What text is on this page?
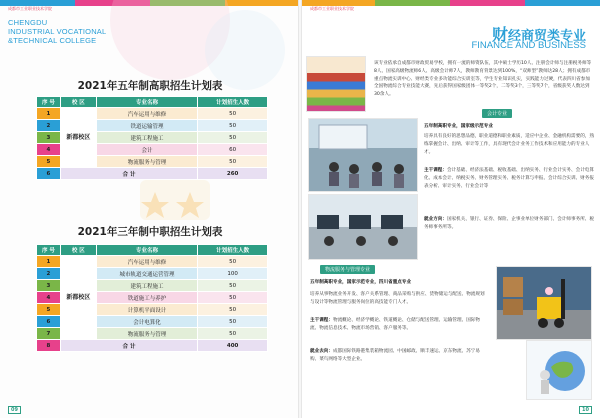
成都市工业职业技术学院
CHENGDU
INDUSTRIAL VOCATIONAL
&TECHNICAL COLLEGE
2021年五年制高职招生计划表
序 号	校 区	专业名称	计划招生人数
1	新都校区	汽车运用与维修	50
2		铁道运输管理	50
3		建筑工程施工	50
4		会计	60
5		物流服务与管理	50
6	合 计		260
2021年三年制中职招生计划表
序 号	校 区	专业名称	计划招生人数
1	新都校区	汽车运用与维修	50
2		城市轨道交通运营管理	100
3		建筑工程施工	50
4		铁道施工与养护	50
5		计算机平面设计	50
6		会计电算化	50
7		物流服务与管理	50
8	合 计		400
09
成都市工业职业技术学院
财经商贸类专业
FINANCE AND BUSINESS
该专业依承自成都市财政贸易学校，拥有一流的师资队伍，其中硕士学历10人、注册会计师与注册税务师等8人、国家高级物流师6人、高级会计师7人，教师教育背景达到100%，“双师型”教师达28人；拥有成都市重点物流实训中心、财经类专业多功能综合实训室等，学生专业知识扎实，实践能力过硬，代表四川省参加全国物流综合专业技能大赛，先后获得国家级团体一等奖2个，二等奖3个，三等奖7个，省级获奖人数达到30余人。
会计专业
五年制高职专业，国家级示范专业
培养具有良好的思想品德，职业道德和职业素质，适应中企业、金融机构需要的，熟练掌握会计、出纳、审计等工作，具有现代会计业务工作技术和应用能力的专业人才。
主干课程：会计基础、经济法基础、税收基础、出纳实务、行业会计实务、会计电算化、成本会计、纳税实务、财务管理实务、税务计算与申报、会计综合实训、财务报表分析、审计实务、行业会计等
就业方向：国家机关、银行、证券、保险、企事业单位财务部门、会计师事务所、税务师事务所等。
物流服务与管理专业
五年制高职专业，国家示范专业，四川省重点专业
培养从事物流业务开发、客户关系管理、商品采购与供应、货物储运与配送、物流规划与设计等物流管理与服务岗位的高技能专门人才。
主干课程：物流概论、经济学概论、铁道概论、仓储与配送管理、运输管理、国际物流、物流信息技术、物流市场营销、客户服务等。
就业去向：成都国际铁路港集装箱物流园、中国邮政、顺丰速运、京东物流、苏宁易购、菜鸟网络等大型企业。
10
